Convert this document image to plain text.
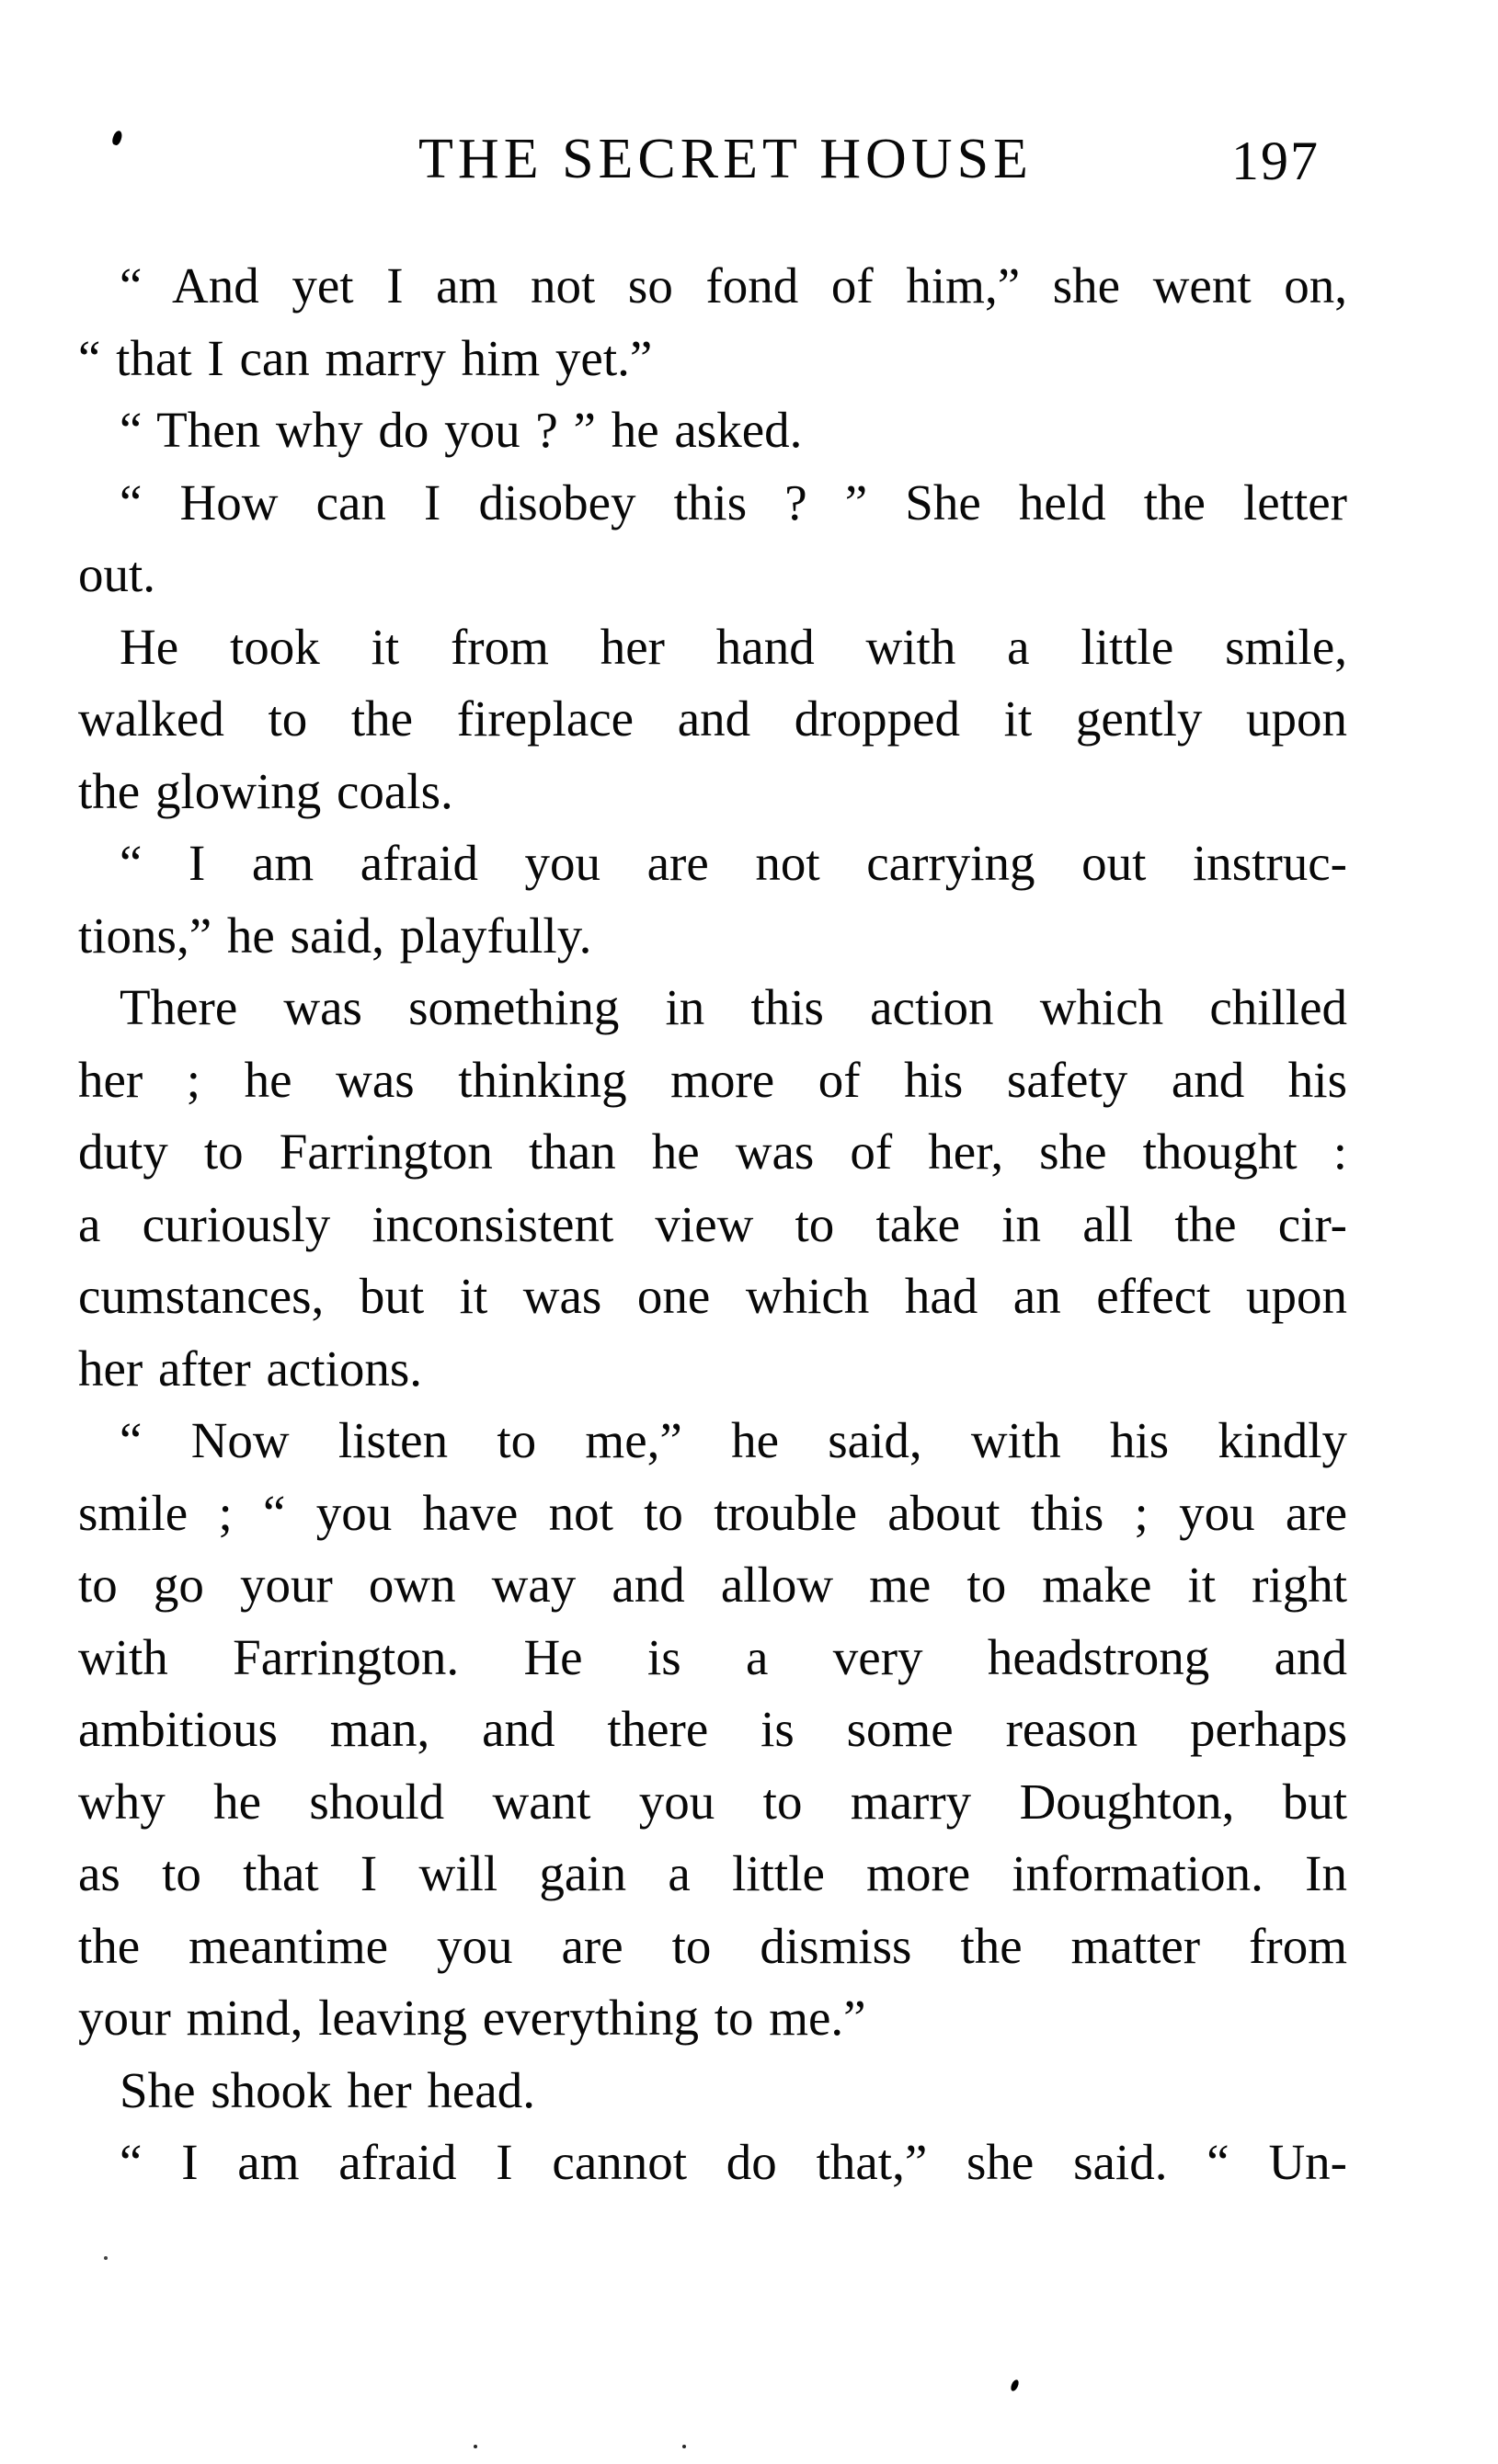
THE SECRET HOUSE	197

“ And yet I am not so fond of him,” she went on,

“ that I can marry him yet.”

“ Then why do you ? ” he asked.

“ How can I disobey this ? ” She held the letter

out.

He took it from her hand with a little smile,

walked to the fireplace and dropped it gently upon

the glowing coals.

“ I am afraid you are not carrying out instruc-

tions,” he said, playfully.

There was something in this action which chilled

her ; he was thinking more of his safety and his

duty to Farrington than he was of her, she thought :

a curiously inconsistent view to take in all the cir-

cumstances, but it was one which had an effect upon

her after actions.

“ Now listen to me,” he said, with his kindly

smile ; “ you have not to trouble about this ; you are

to go your own way and allow me to make it right

with Farrington. He is a very headstrong and

ambitious man, and there is some reason perhaps

why he should want you to marry Doughton, but

as to that I will gain a little more information. In

the meantime you are to dismiss the matter from

your mind, leaving everything to me.”

She shook her head.

“ I am afraid I cannot do that,” she said. “ Un-
